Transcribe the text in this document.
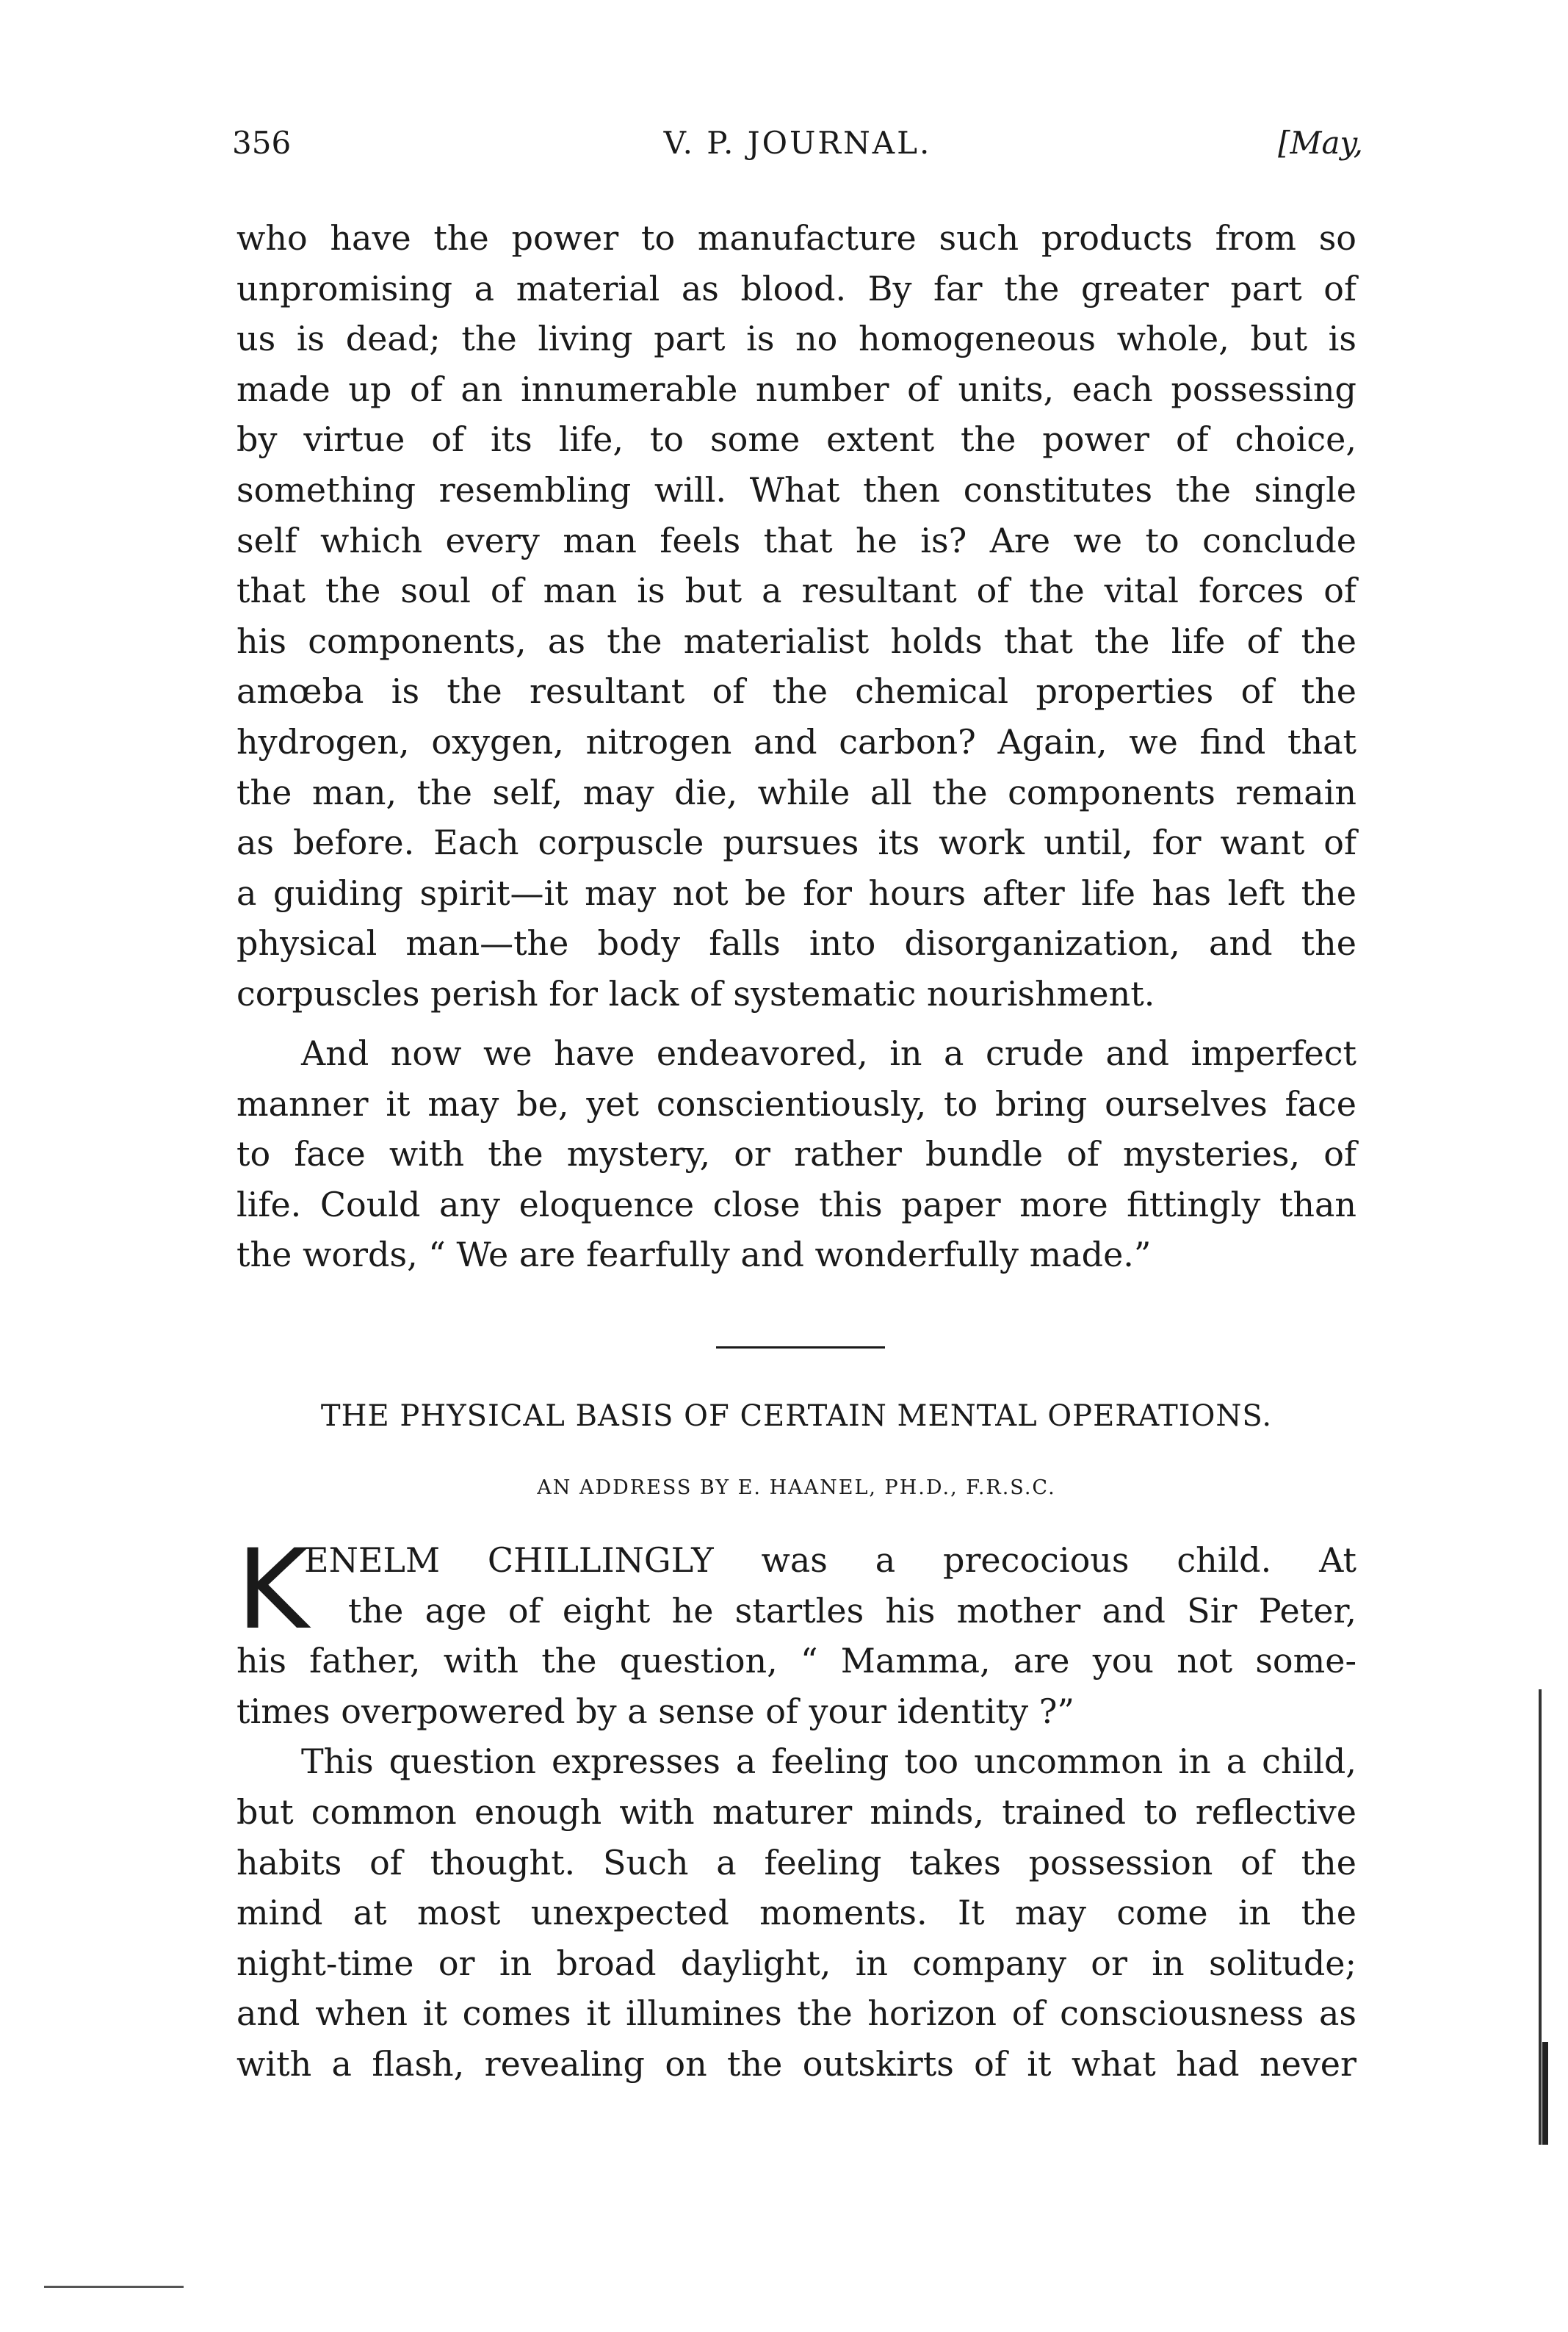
356	V. P. JOURNAL.	[May,
who have the power to manufacture such products from so
unpromising a material as blood. By far the greater part of
us is dead; the living part is no homogeneous whole, but is
made up of an innumerable number of units, each possessing
by virtue of its life, to some extent the power of choice,
something resembling will. What then constitutes the single
self which every man feels that he is? Are we to conclude
that the soul of man is but a resultant of the vital forces of
his components, as the materialist holds that the life of the
amœba is the resultant of the chemical properties of the
hydrogen, oxygen, nitrogen and carbon? Again, we find that
the man, the self, may die, while all the components remain
as before. Each corpuscle pursues its work until, for want of
a guiding spirit—it may not be for hours after life has left the
physical man—the body falls into disorganization, and the
corpuscles perish for lack of systematic nourishment.
And now we have endeavored, in a crude and imperfect
manner it may be, yet conscientiously, to bring ourselves face
to face with the mystery, or rather bundle of mysteries, of
life. Could any eloquence close this paper more fittingly than
the words, “ We are fearfully and wonderfully made.”
THE PHYSICAL BASIS OF CERTAIN MENTAL OPERATIONS.
AN ADDRESS BY E. HAANEL, PH.D., F.R.S.C.
K
ENELM CHILLINGLY was a precocious child. At
the age of eight he startles his mother and Sir Peter,
his father, with the question, “ Mamma, are you not some-
times overpowered by a sense of your identity ?”
This question expresses a feeling too uncommon in a child,
but common enough with maturer minds, trained to reflective
habits of thought. Such a feeling takes possession of the
mind at most unexpected moments. It may come in the
night-time or in broad daylight, in company or in solitude;
and when it comes it illumines the horizon of consciousness as
with a flash, revealing on the outskirts of it what had never
